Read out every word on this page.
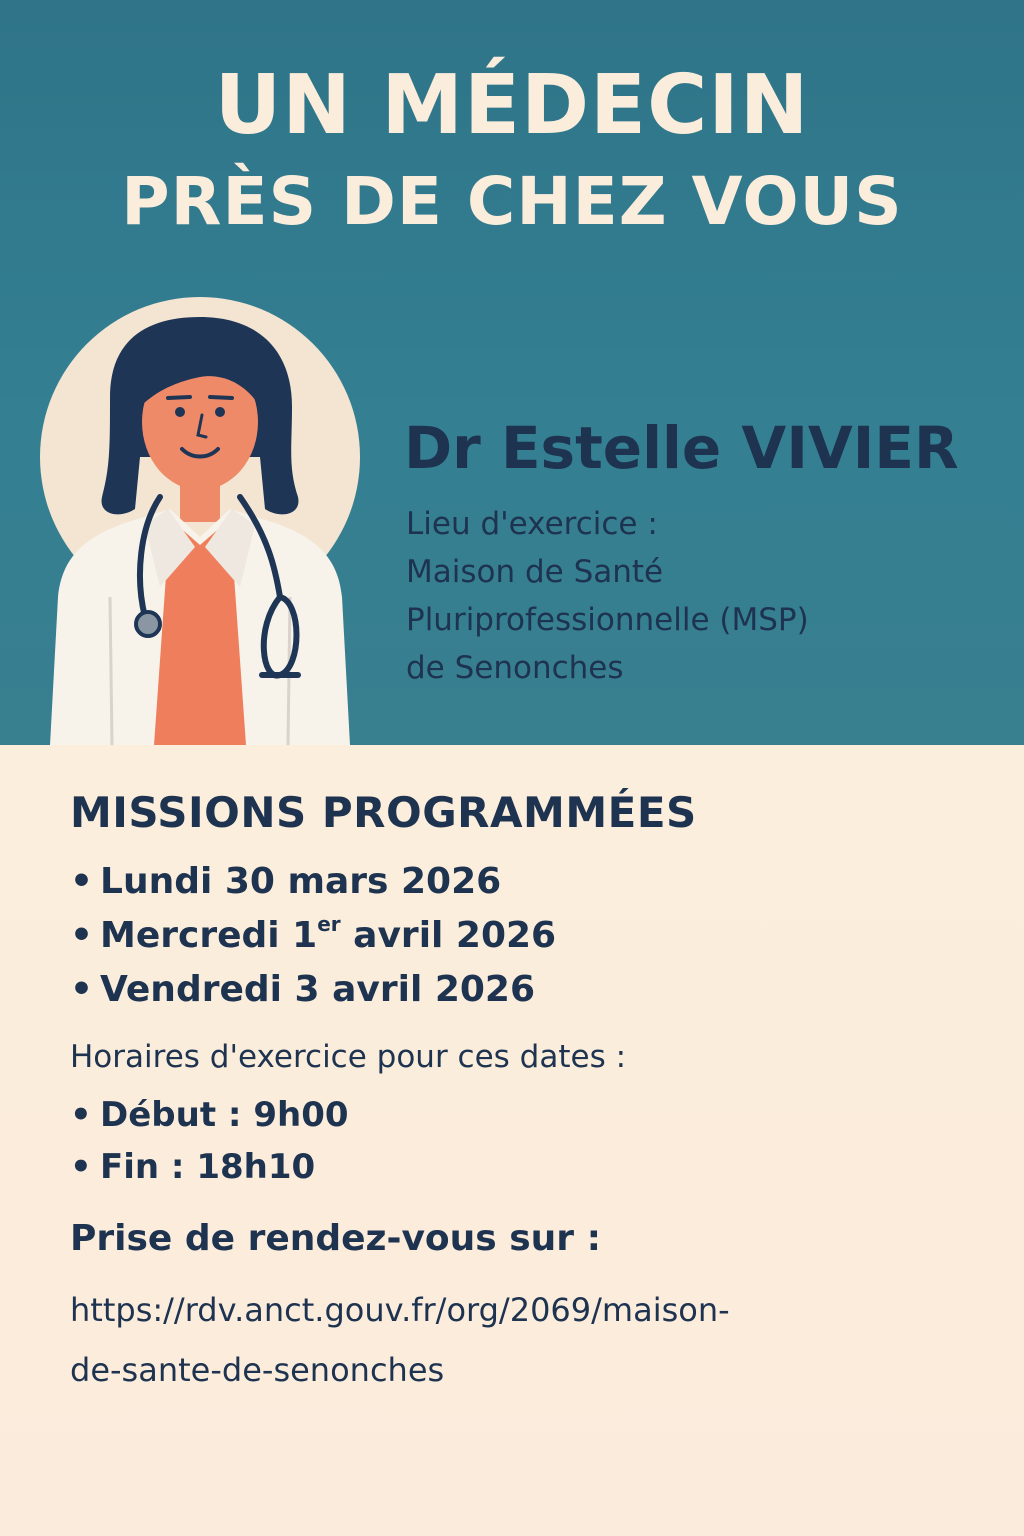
UN MÉDECIN
PRÈS DE CHEZ VOUS
Dr Estelle VIVIER
Lieu d'exercice :
Maison de Santé
Pluriprofessionnelle (MSP)
de Senonches
MISSIONS PROGRAMMÉES
• Lundi 30 mars 2026
• Mercredi 1er avril 2026
• Vendredi 3 avril 2026
Horaires d'exercice pour ces dates :
• Début : 9h00
• Fin : 18h10
Prise de rendez-vous sur :
https://rdv.anct.gouv.fr/org/2069/maison-
de-sante-de-senonches
